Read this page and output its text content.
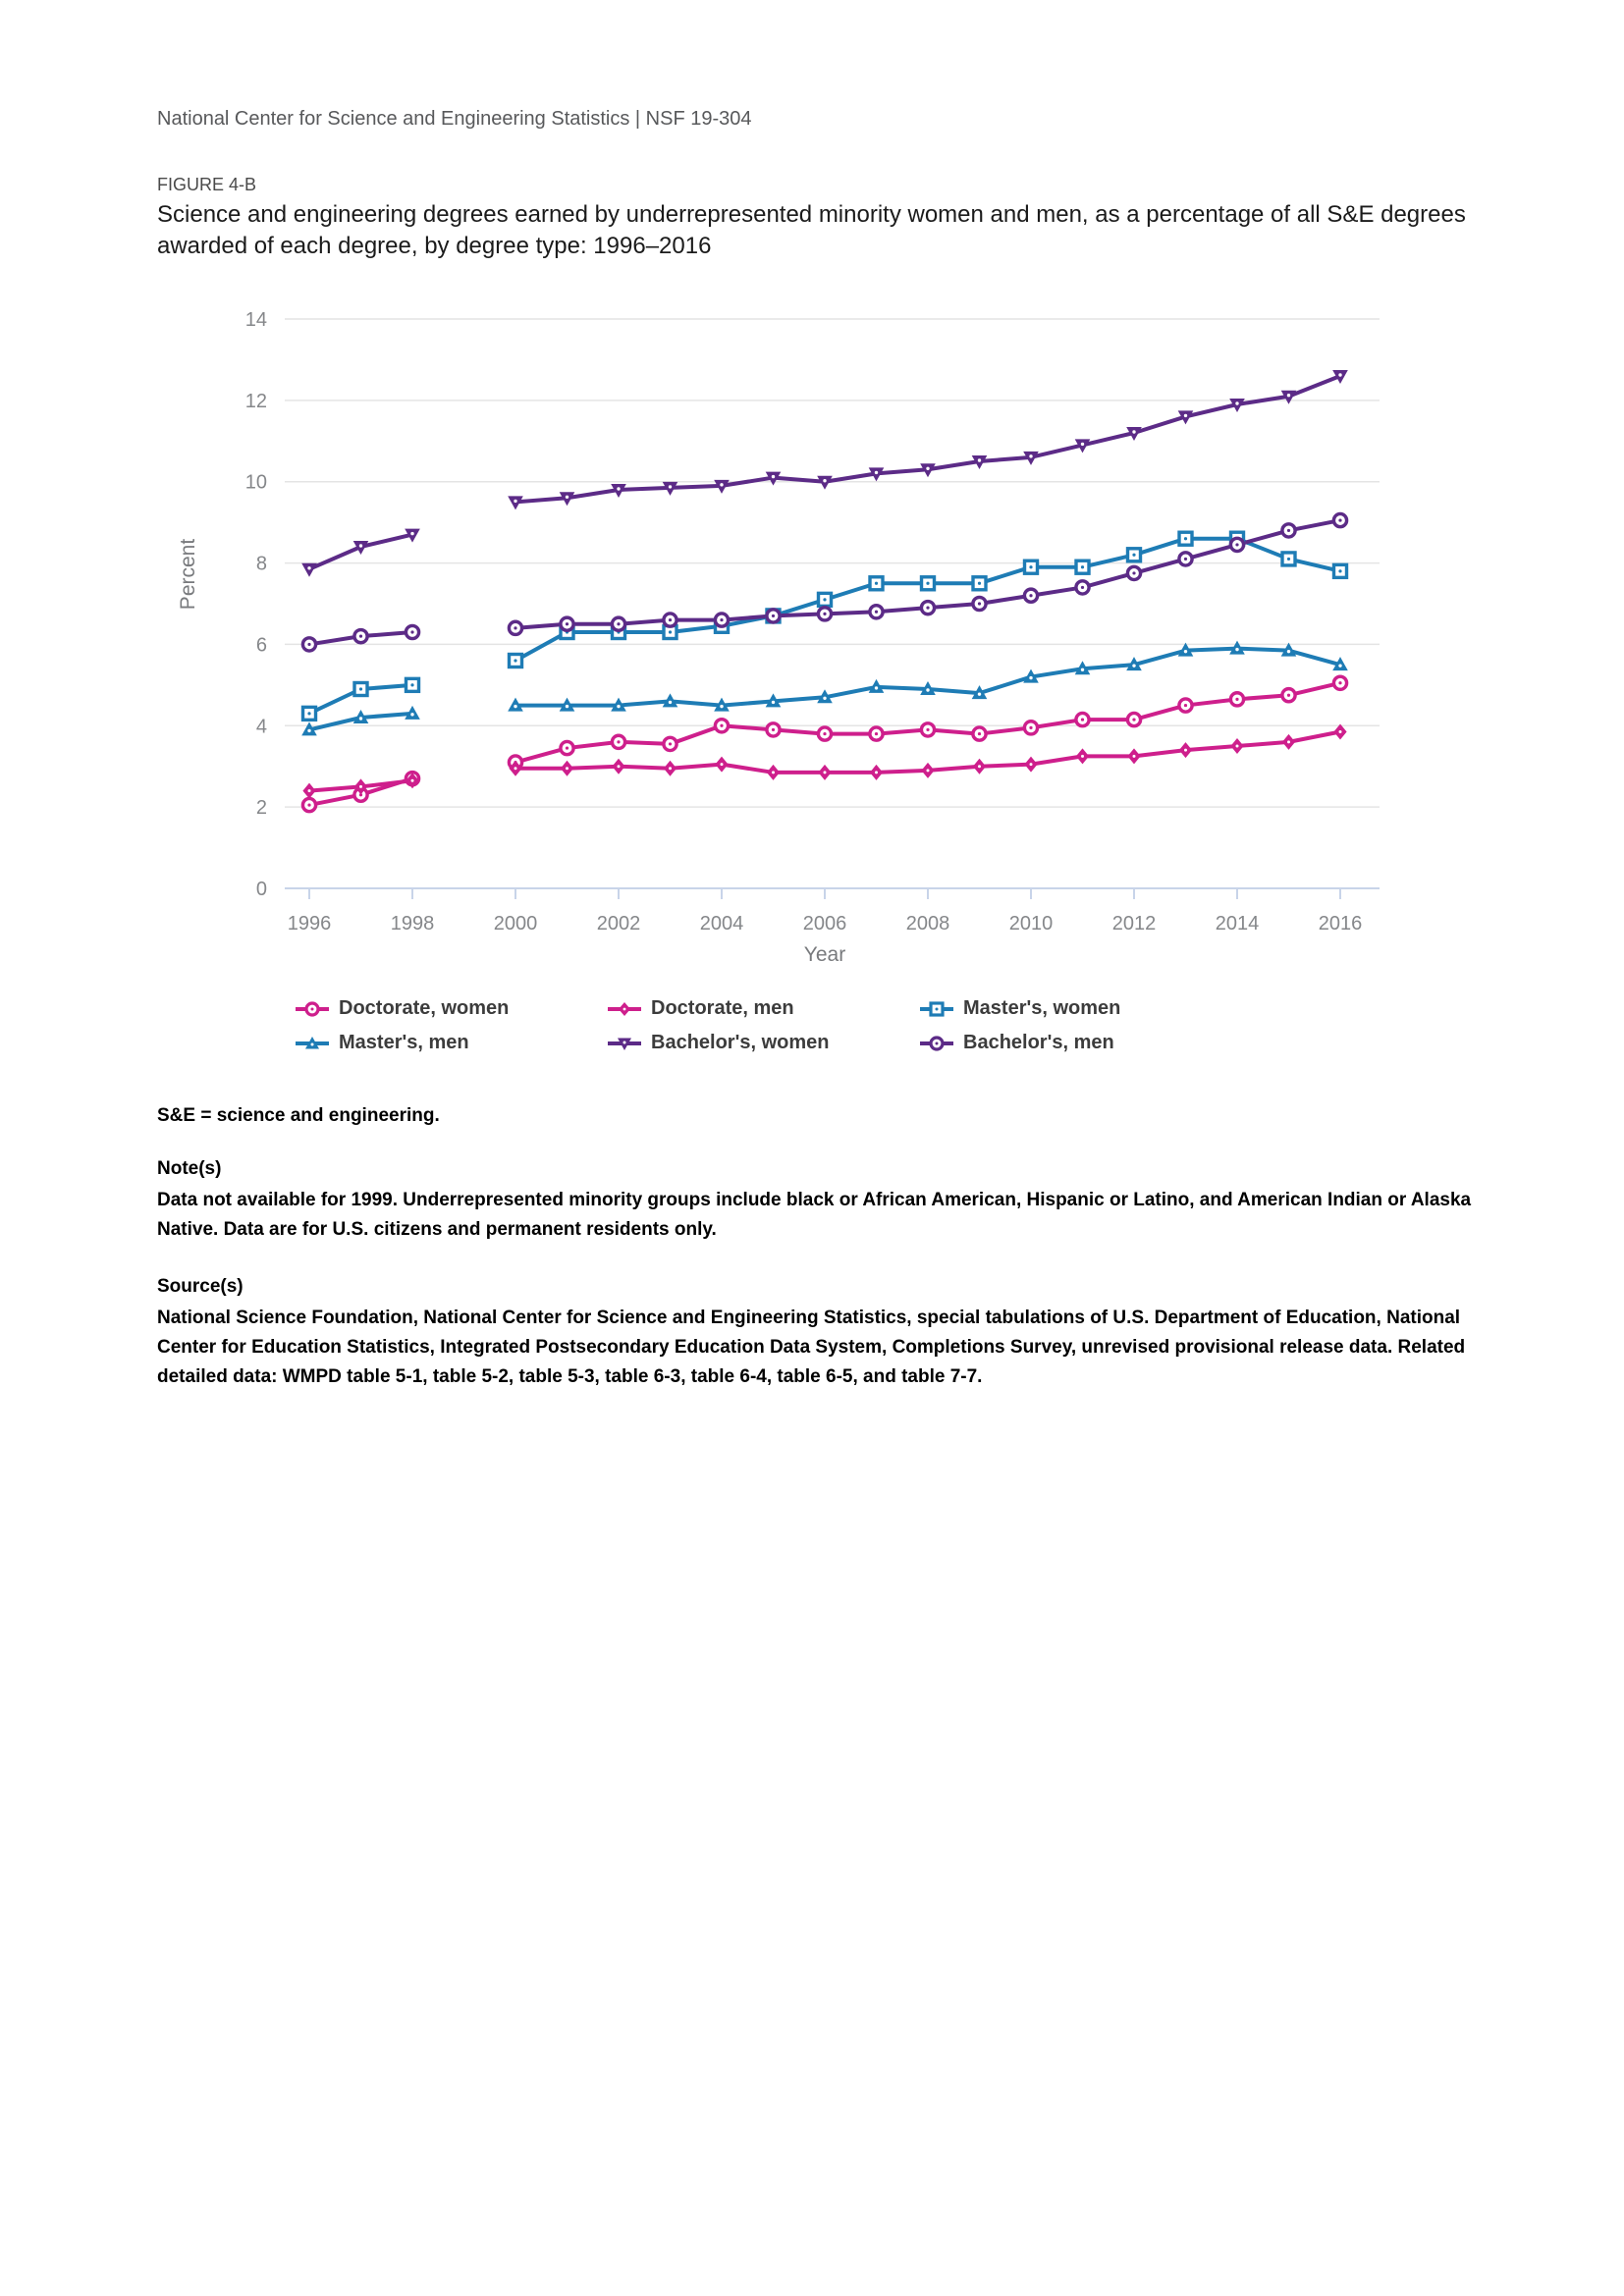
National Center for Science and Engineering Statistics | NSF 19-304
FIGURE 4-B
Science and engineering degrees earned by underrepresented minority women and men, as a percentage of all S&E degrees awarded of each degree, by degree type: 1996–2016
0
2
4
6
8
10
12
14
1996	1998	2000	2002	2004	2006	2008	2010	2012	2014	2016
Year
Percent
Doctorate, women	Doctorate, men	Master's, women
Master's, men	Bachelor's, women	Bachelor's, men
S&E = science and engineering.
Note(s)
Data not available for 1999. Underrepresented minority groups include black or African American, Hispanic or Latino, and American Indian or Alaska Native. Data are for U.S. citizens and permanent residents only.
Source(s)
National Science Foundation, National Center for Science and Engineering Statistics, special tabulations of U.S. Department of Education, National Center for Education Statistics, Integrated Postsecondary Education Data System, Completions Survey, unrevised provisional release data. Related detailed data: WMPD table 5-1, table 5-2, table 5-3, table 6-3, table 6-4, table 6-5, and table 7-7.
